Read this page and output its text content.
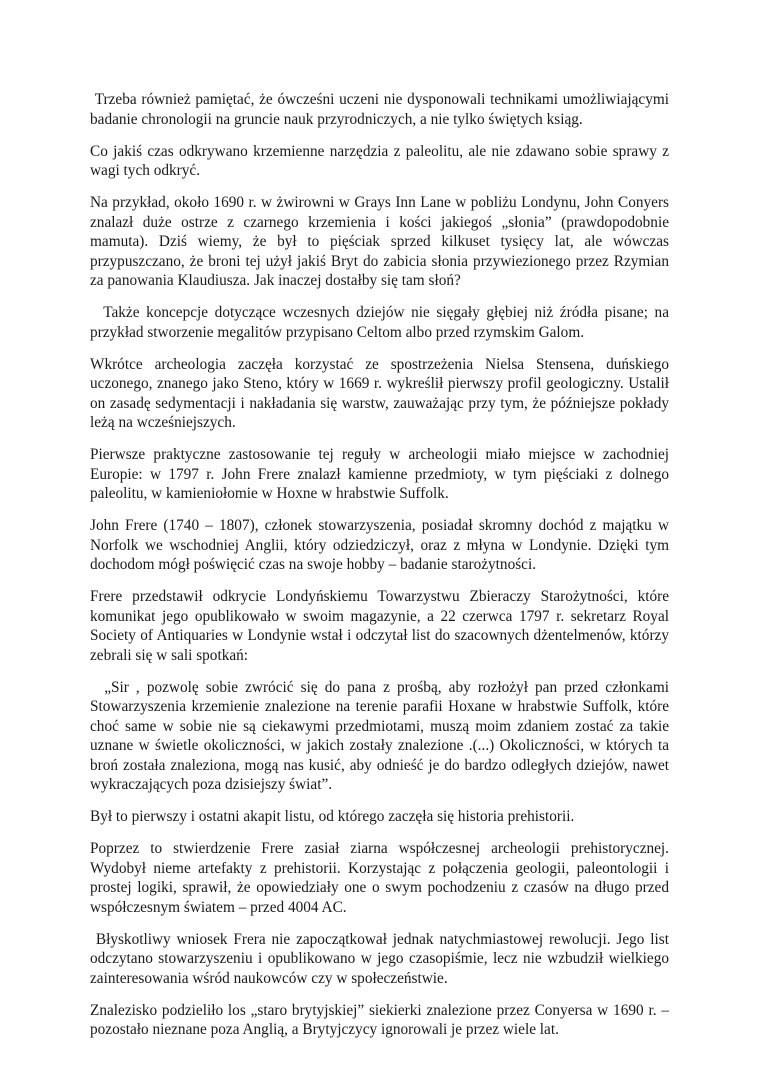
Trzeba również pamiętać, że ówcześni uczeni nie dysponowali technikami umożliwiającymi badanie chronologii na gruncie nauk przyrodniczych, a nie tylko świętych ksiąg.

Co jakiś czas odkrywano krzemienne narzędzia z paleolitu, ale nie zdawano sobie sprawy z wagi tych odkryć.

Na przykład, około 1690 r. w żwirowni w Grays Inn Lane w pobliżu Londynu, John Conyers znalazł duże ostrze z czarnego krzemienia i kości jakiegoś „słonia” (prawdopodobnie mamuta). Dziś wiemy, że był to pięściak sprzed kilkuset tysięcy lat, ale wówczas przypuszczano, że broni tej użył jakiś Bryt do zabicia słonia przywiezionego przez Rzymian za panowania Klaudiusza. Jak inaczej dostałby się tam słoń?

Także koncepcje dotyczące wczesnych dziejów nie sięgały głębiej niż źródła pisane; na przykład stworzenie megalitów przypisano Celtom albo przed rzymskim Galom.

Wkrótce archeologia zaczęła korzystać ze spostrzeżenia Nielsa Stensena, duńskiego uczonego, znanego jako Steno, który w 1669 r. wykreślił pierwszy profil geologiczny. Ustalił on zasadę sedymentacji i nakładania się warstw, zauważając przy tym, że późniejsze pokłady leżą na wcześniejszych.

Pierwsze praktyczne zastosowanie tej reguły w archeologii miało miejsce w zachodniej Europie: w 1797 r. John Frere znalazł kamienne przedmioty, w tym pięściaki z dolnego paleolitu, w kamieniołomie w Hoxne w hrabstwie Suffolk.

John Frere (1740 – 1807), członek stowarzyszenia, posiadał skromny dochód z majątku w Norfolk we wschodniej Anglii, który odziedziczył, oraz z młyna w Londynie. Dzięki tym dochodom mógł poświęcić czas na swoje hobby – badanie starożytności.

Frere przedstawił odkrycie Londyńskiemu Towarzystwu Zbieraczy Starożytności, które komunikat jego opublikowało w swoim magazynie, a 22 czerwca 1797 r. sekretarz Royal Society of Antiquaries w Londynie wstał i odczytał list do szacownych dżentelmenów, którzy zebrali się w sali spotkań:

„Sir , pozwolę sobie zwrócić się do pana z prośbą, aby rozłożył pan przed członkami Stowarzyszenia krzemienie znalezione na terenie parafii Hoxane w hrabstwie Suffolk, które choć same w sobie nie są ciekawymi przedmiotami, muszą moim zdaniem zostać za takie uznane w świetle okoliczności, w jakich zostały znalezione .(...) Okoliczności, w których ta broń została znaleziona, mogą nas kusić, aby odnieść je do bardzo odległych dziejów, nawet wykraczających poza dzisiejszy świat”.

Był to pierwszy i ostatni akapit listu, od którego zaczęła się historia prehistorii.

Poprzez to stwierdzenie Frere zasiał ziarna współczesnej archeologii prehistorycznej. Wydobył nieme artefakty z prehistorii. Korzystając z połączenia geologii, paleontologii i prostej logiki, sprawił, że opowiedziały one o swym pochodzeniu z czasów na długo przed współczesnym światem – przed 4004 AC.

Błyskotliwy wniosek Frera nie zapoczątkował jednak natychmiastowej rewolucji. Jego list odczytano stowarzyszeniu i opublikowano w jego czasopiśmie, lecz nie wzbudził wielkiego zainteresowania wśród naukowców czy w społeczeństwie.

Znalezisko podzieliło los „staro brytyjskiej” siekierki znalezione przez Conyersa w 1690 r. – pozostało nieznane poza Anglią, a Brytyjczycy ignorowali je przez wiele lat.
